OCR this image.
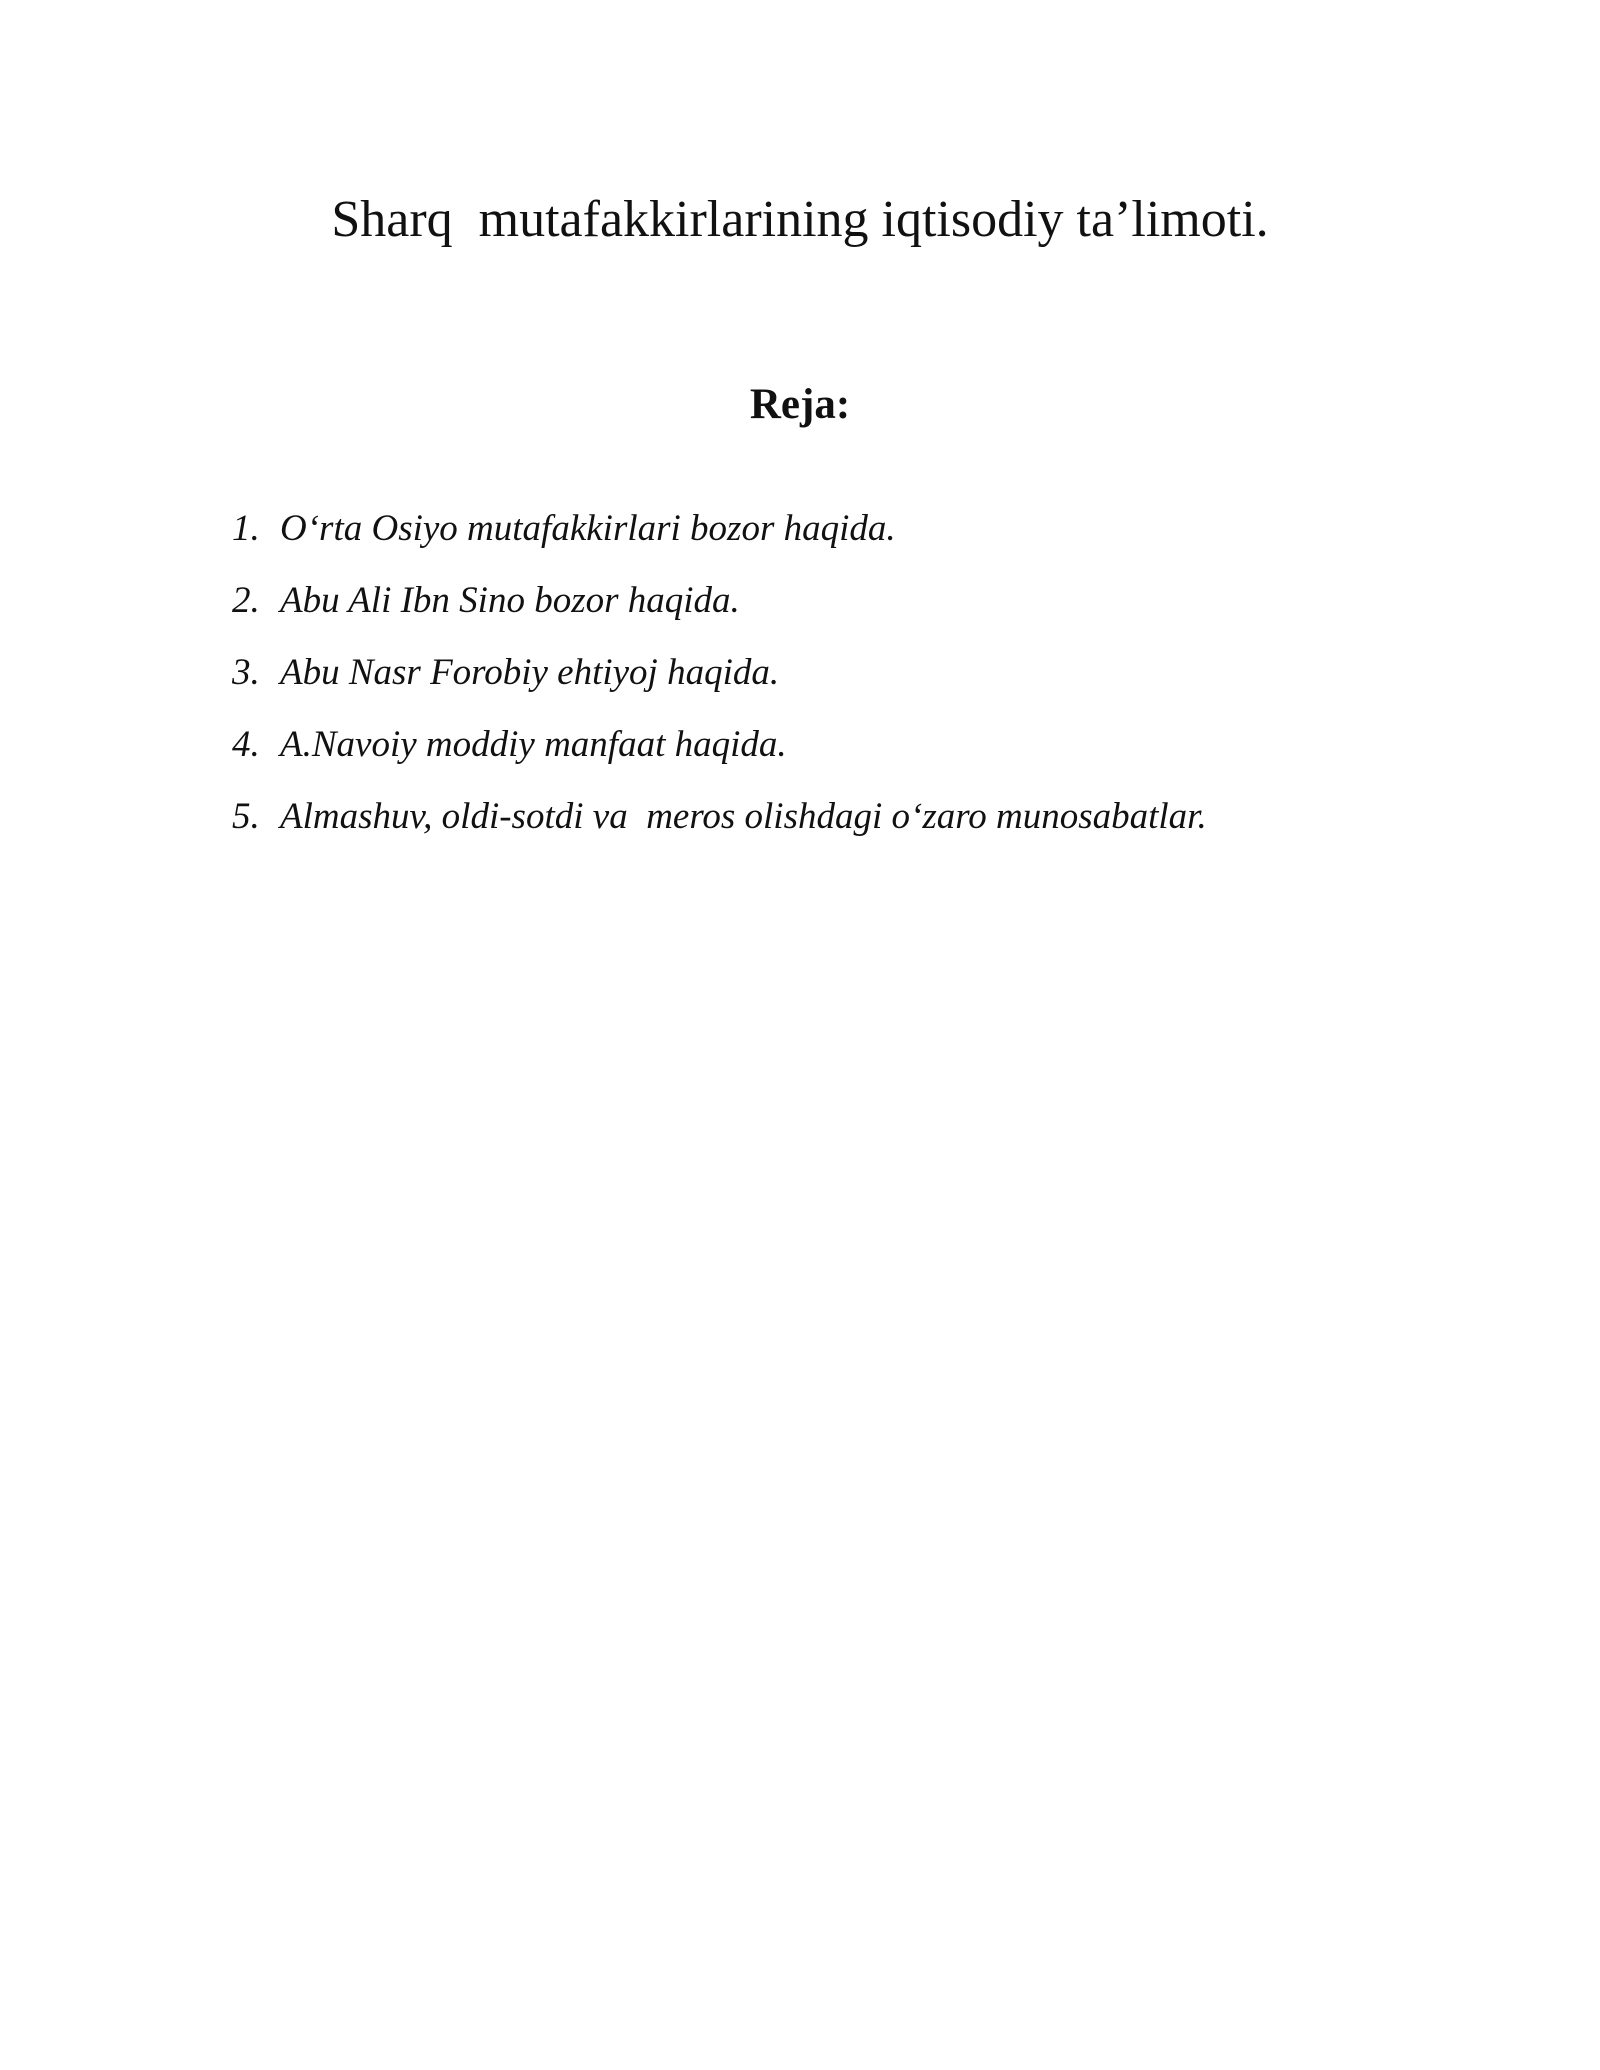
Sharq  mutafakkirlarining iqtisodiy ta’limoti.
Reja:
1. O‘rta Osiyo mutafakkirlari bozor haqida.
2. Abu Ali Ibn Sino bozor haqida.
3. Abu Nasr Forobiy ehtiyoj haqida.
4. A.Navoiy moddiy manfaat haqida.
5. Almashuv, oldi-sotdi va  meros olishdagi o‘zaro munosabatlar.
